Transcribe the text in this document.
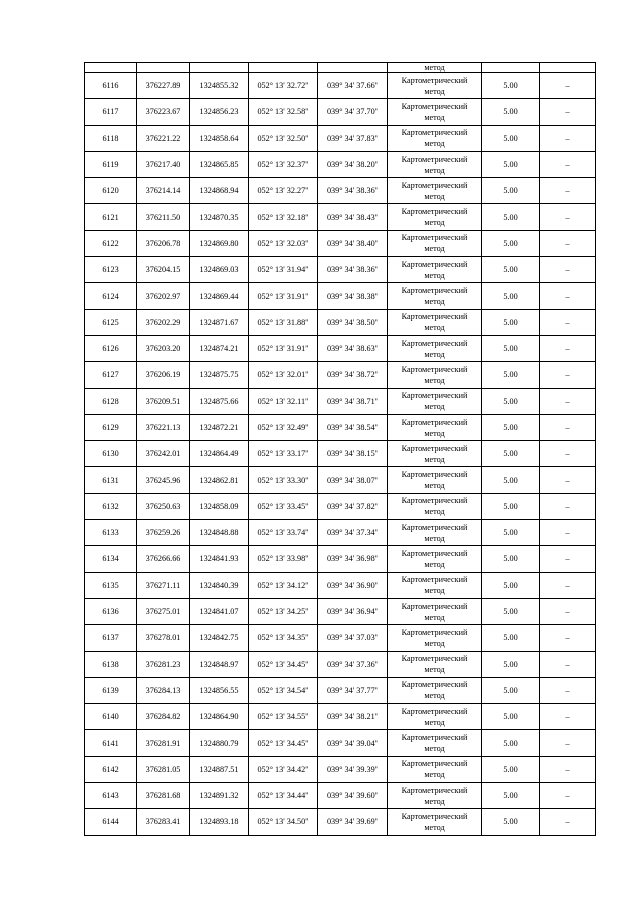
					метод		
6116	376227.89	1324855.32	052° 13' 32.72"	039° 34' 37.66"	Картометрический
метод	5.00	–
6117	376223.67	1324856.23	052° 13' 32.58"	039° 34' 37.70"	Картометрический
метод	5.00	–
6118	376221.22	1324858.64	052° 13' 32.50"	039° 34' 37.83"	Картометрический
метод	5.00	–
6119	376217.40	1324865.85	052° 13' 32.37"	039° 34' 38.20"	Картометрический
метод	5.00	–
6120	376214.14	1324868.94	052° 13' 32.27"	039° 34' 38.36"	Картометрический
метод	5.00	–
6121	376211.50	1324870.35	052° 13' 32.18"	039° 34' 38.43"	Картометрический
метод	5.00	–
6122	376206.78	1324869.80	052° 13' 32.03"	039° 34' 38.40"	Картометрический
метод	5.00	–
6123	376204.15	1324869.03	052° 13' 31.94"	039° 34' 38.36"	Картометрический
метод	5.00	–
6124	376202.97	1324869.44	052° 13' 31.91"	039° 34' 38.38"	Картометрический
метод	5.00	–
6125	376202.29	1324871.67	052° 13' 31.88"	039° 34' 38.50"	Картометрический
метод	5.00	–
6126	376203.20	1324874.21	052° 13' 31.91"	039° 34' 38.63"	Картометрический
метод	5.00	–
6127	376206.19	1324875.75	052° 13' 32.01"	039° 34' 38.72"	Картометрический
метод	5.00	–
6128	376209.51	1324875.66	052° 13' 32.11"	039° 34' 38.71"	Картометрический
метод	5.00	–
6129	376221.13	1324872.21	052° 13' 32.49"	039° 34' 38.54"	Картометрический
метод	5.00	–
6130	376242.01	1324864.49	052° 13' 33.17"	039° 34' 38.15"	Картометрический
метод	5.00	–
6131	376245.96	1324862.81	052° 13' 33.30"	039° 34' 38.07"	Картометрический
метод	5.00	–
6132	376250.63	1324858.09	052° 13' 33.45"	039° 34' 37.82"	Картометрический
метод	5.00	–
6133	376259.26	1324848.88	052° 13' 33.74"	039° 34' 37.34"	Картометрический
метод	5.00	–
6134	376266.66	1324841.93	052° 13' 33.98"	039° 34' 36.98"	Картометрический
метод	5.00	–
6135	376271.11	1324840.39	052° 13' 34.12"	039° 34' 36.90"	Картометрический
метод	5.00	–
6136	376275.01	1324841.07	052° 13' 34.25"	039° 34' 36.94"	Картометрический
метод	5.00	–
6137	376278.01	1324842.75	052° 13' 34.35"	039° 34' 37.03"	Картометрический
метод	5.00	–
6138	376281.23	1324848.97	052° 13' 34.45"	039° 34' 37.36"	Картометрический
метод	5.00	–
6139	376284.13	1324856.55	052° 13' 34.54"	039° 34' 37.77"	Картометрический
метод	5.00	–
6140	376284.82	1324864.90	052° 13' 34.55"	039° 34' 38.21"	Картометрический
метод	5.00	–
6141	376281.91	1324880.79	052° 13' 34.45"	039° 34' 39.04"	Картометрический
метод	5.00	–
6142	376281.05	1324887.51	052° 13' 34.42"	039° 34' 39.39"	Картометрический
метод	5.00	–
6143	376281.68	1324891.32	052° 13' 34.44"	039° 34' 39.60"	Картометрический
метод	5.00	–
6144	376283.41	1324893.18	052° 13' 34.50"	039° 34' 39.69"	Картометрический
метод	5.00	–
